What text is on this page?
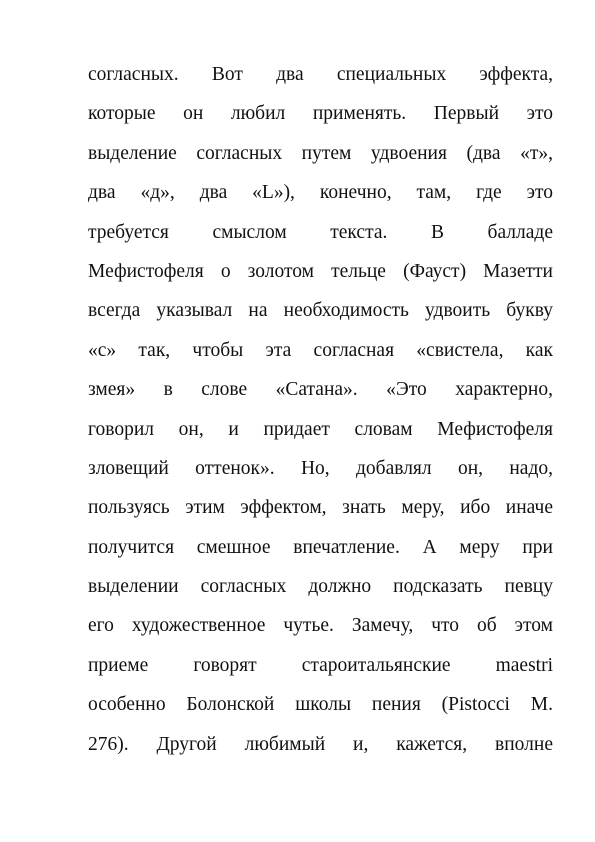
согласных. Вот два специальных эффекта,
которые он любил применять. Первый это
выделение согласных путем удвоения (два «т»,
два «д», два «L»), конечно, там, где это
требуется смыслом текста. В балладе
Мефистофеля о золотом тельце (Фауст) Мазетти
всегда указывал на необходимость удвоить букву
«с» так, чтобы эта согласная «свистела, как
змея» в слове «Сатана». «Это характерно,
говорил он, и придает словам Мефистофеля
зловещий оттенок». Но, добавлял он, надо,
пользуясь этим эффектом, знать меру, ибо иначе
получится смешное впечатление. А меру при
выделении согласных должно подсказать певцу
его художественное чутье. Замечу, что об этом
приеме говорят староитальянские maestri
особенно Болонской школы пения (Pistocci M.
276). Другой любимый и, кажется, вполне
